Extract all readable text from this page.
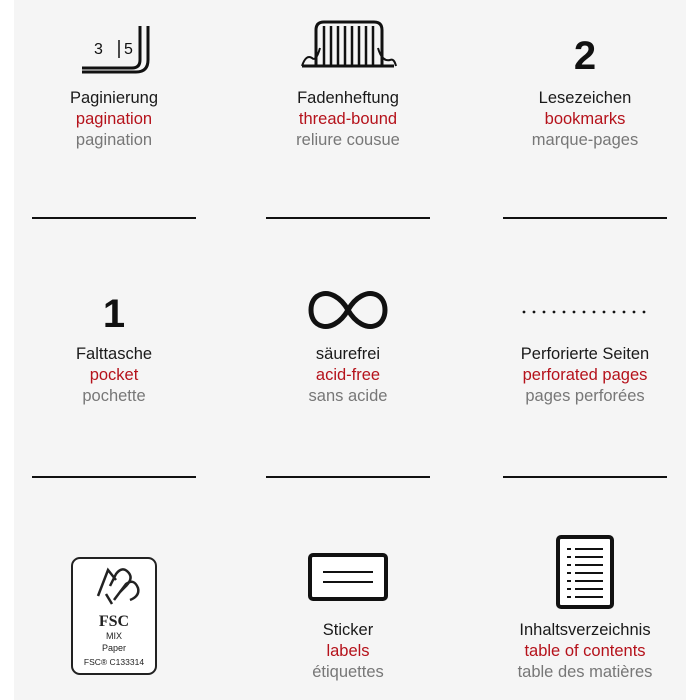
3 5
Paginierung
pagination
pagination
Fadenheftung
thread-bound
reliure cousue
2
Lesezeichen
bookmarks
marque-pages
1
Falttasche
pocket
pochette
säurefrei
acid-free
sans acide
Perforierte Seiten
perforated pages
pages perforées
FSC
MIX
Paper
FSC® C133314
Sticker
labels
étiquettes
Inhaltsverzeichnis
table of contents
table des matières
